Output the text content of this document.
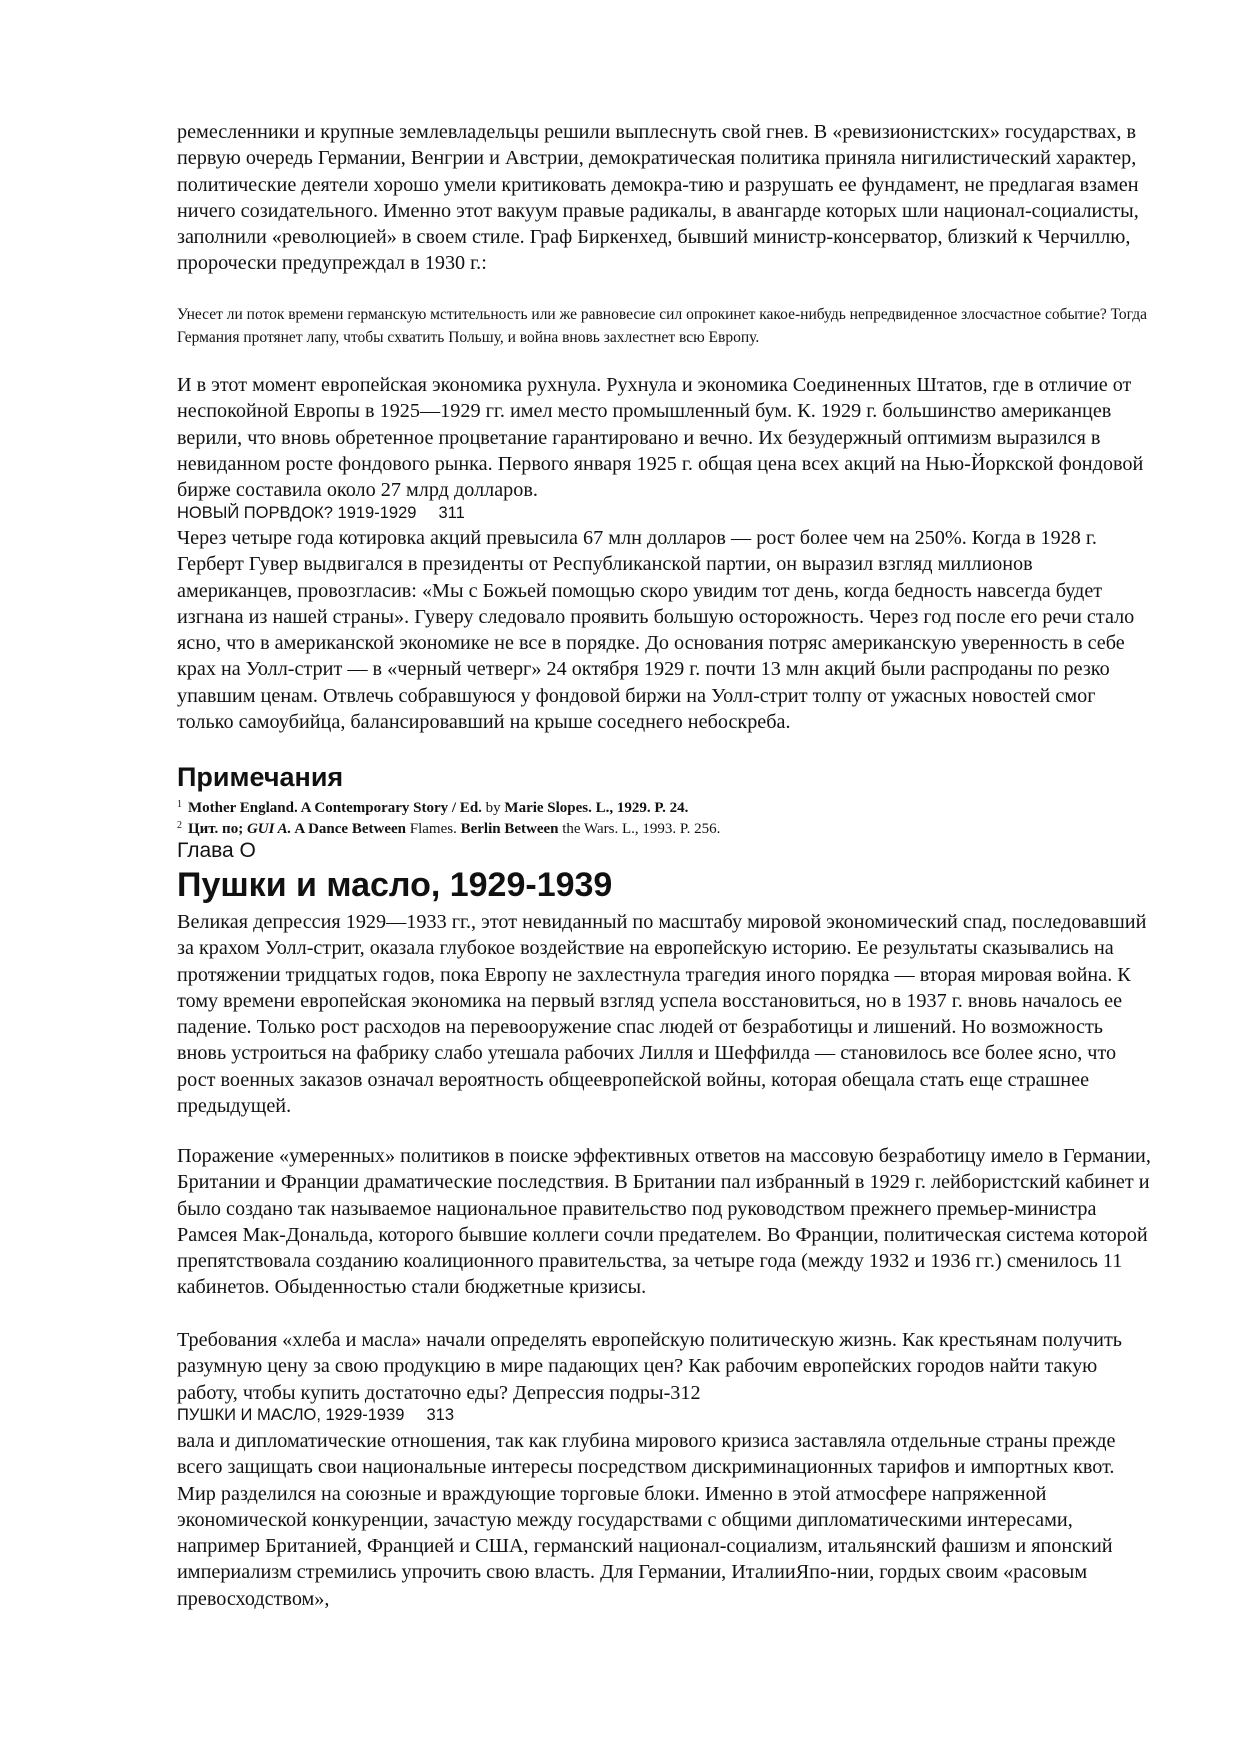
ремесленники и крупные землевладельцы решили выплеснуть свой гнев. В «ревизионистских» государствах, в первую очередь Германии, Венгрии и Австрии, демократическая политика приняла нигилистический характер, политические деятели хорошо умели критиковать демокра-тию и разрушать ее фундамент, не предлагая взамен ничего созидательного. Именно этот вакуум правые радикалы, в авангарде которых шли национал-социалисты, заполнили «революцией» в своем стиле. Граф Биркенхед, бывший министр-консерватор, близкий к Черчиллю, пророчески предупреждал в 1930 г.:

Унесет ли поток времени германскую мстительность или же равновесие сил опрокинет какое-нибудь непредвиденное злосчастное событие? Тогда Германия протянет лапу, чтобы схватить Польшу, и война вновь захлестнет всю Европу.

И в этот момент европейская экономика рухнула. Рухнула и экономика Соединенных Штатов, где в отличие от неспокойной Европы в 1925—1929 гг. имел место промышленный бум. К. 1929 г. большинство американцев верили, что вновь обретенное процветание гарантировано и вечно. Их безудержный оптимизм выразился в невиданном росте фондового рынка. Первого января 1925 г. общая цена всех акций на Нью-Йоркской фондовой бирже составила около 27 млрд долларов.

НОВЫЙ ПОРВДОК? 1919-1929 311

Через четыре года котировка акций превысила 67 млн долларов — рост более чем на 250%. Когда в 1928 г. Герберт Гувер выдвигался в президенты от Республиканской партии, он выразил взгляд миллионов американцев, провозгласив: «Мы с Божьей помощью скоро увидим тот день, когда бедность навсегда будет изгнана из нашей страны». Гуверу следовало проявить большую осторожность. Через год после его речи стало ясно, что в американской экономике не все в порядке. До основания потряс американскую уверенность в себе крах на Уолл-стрит — в «черный четверг» 24 октября 1929 г. почти 13 млн акций были распроданы по резко упавшим ценам. Отвлечь собравшуюся у фондовой биржи на Уолл-стрит толпу от ужасных новостей смог только самоубийца, балансировавший на крыше соседнего небоскреба.

Примечания
$^1$ Mother England. A Contemporary Story / Ed. by Marie Slopes. L., 1929. P. 24.
$^2$ Цит. по; GUI A. A Dance Between Flames. Berlin Between the Wars. L., 1993. P. 256.
Глава О
Пушки и масло, 1929-1939

Великая депрессия 1929—1933 гг., этот невиданный по масштабу мировой экономический спад, последовавший за крахом Уолл-стрит, оказала глубокое воздействие на европейскую историю. Ее результаты сказывались на протяжении тридцатых годов, пока Европу не захлестнула трагедия иного порядка — вторая мировая война. К тому времени европейская экономика на первый взгляд успела восстановиться, но в 1937 г. вновь началось ее падение. Только рост расходов на перевооружение спас людей от безработицы и лишений. Но возможность вновь устроиться на фабрику слабо утешала рабочих Лилля и Шеффилда — становилось все более ясно, что рост военных заказов означал вероятность общеевропейской войны, которая обещала стать еще страшнее предыдущей.

Поражение «умеренных» политиков в поиске эффективных ответов на массовую безработицу имело в Германии, Британии и Франции драматические последствия. В Британии пал избранный в 1929 г. лейбористский кабинет и было создано так называемое национальное правительство под руководством прежнего премьер-министра Рамсея Мак-Дональда, которого бывшие коллеги сочли предателем. Во Франции, политическая система которой препятствовала созданию коалиционного правительства, за четыре года (между 1932 и 1936 гг.) сменилось 11 кабинетов. Обыденностью стали бюджетные кризисы.

Требования «хлеба и масла» начали определять европейскую политическую жизнь. Как крестьянам получить разумную цену за свою продукцию в мире падающих цен? Как рабочим европейских городов найти такую работу, чтобы купить достаточно еды? Депрессия подры-312

ПУШКИ И МАСЛО, 1929-1939 313

вала и дипломатические отношения, так как глубина мирового кризиса заставляла отдельные страны прежде всего защищать свои национальные интересы посредством дискриминационных тарифов и импортных квот. Мир разделился на союзные и враждующие торговые блоки. Именно в этой атмосфере напряженной экономической конкуренции, зачастую между государствами с общими дипломатическими интересами, например Британией, Францией и США, германский национал-социализм, итальянский фашизм и японский империализм стремились упрочить свою власть. Для Германии, ИталииЯпо-нии, гордых своим «расовым превосходством»,
